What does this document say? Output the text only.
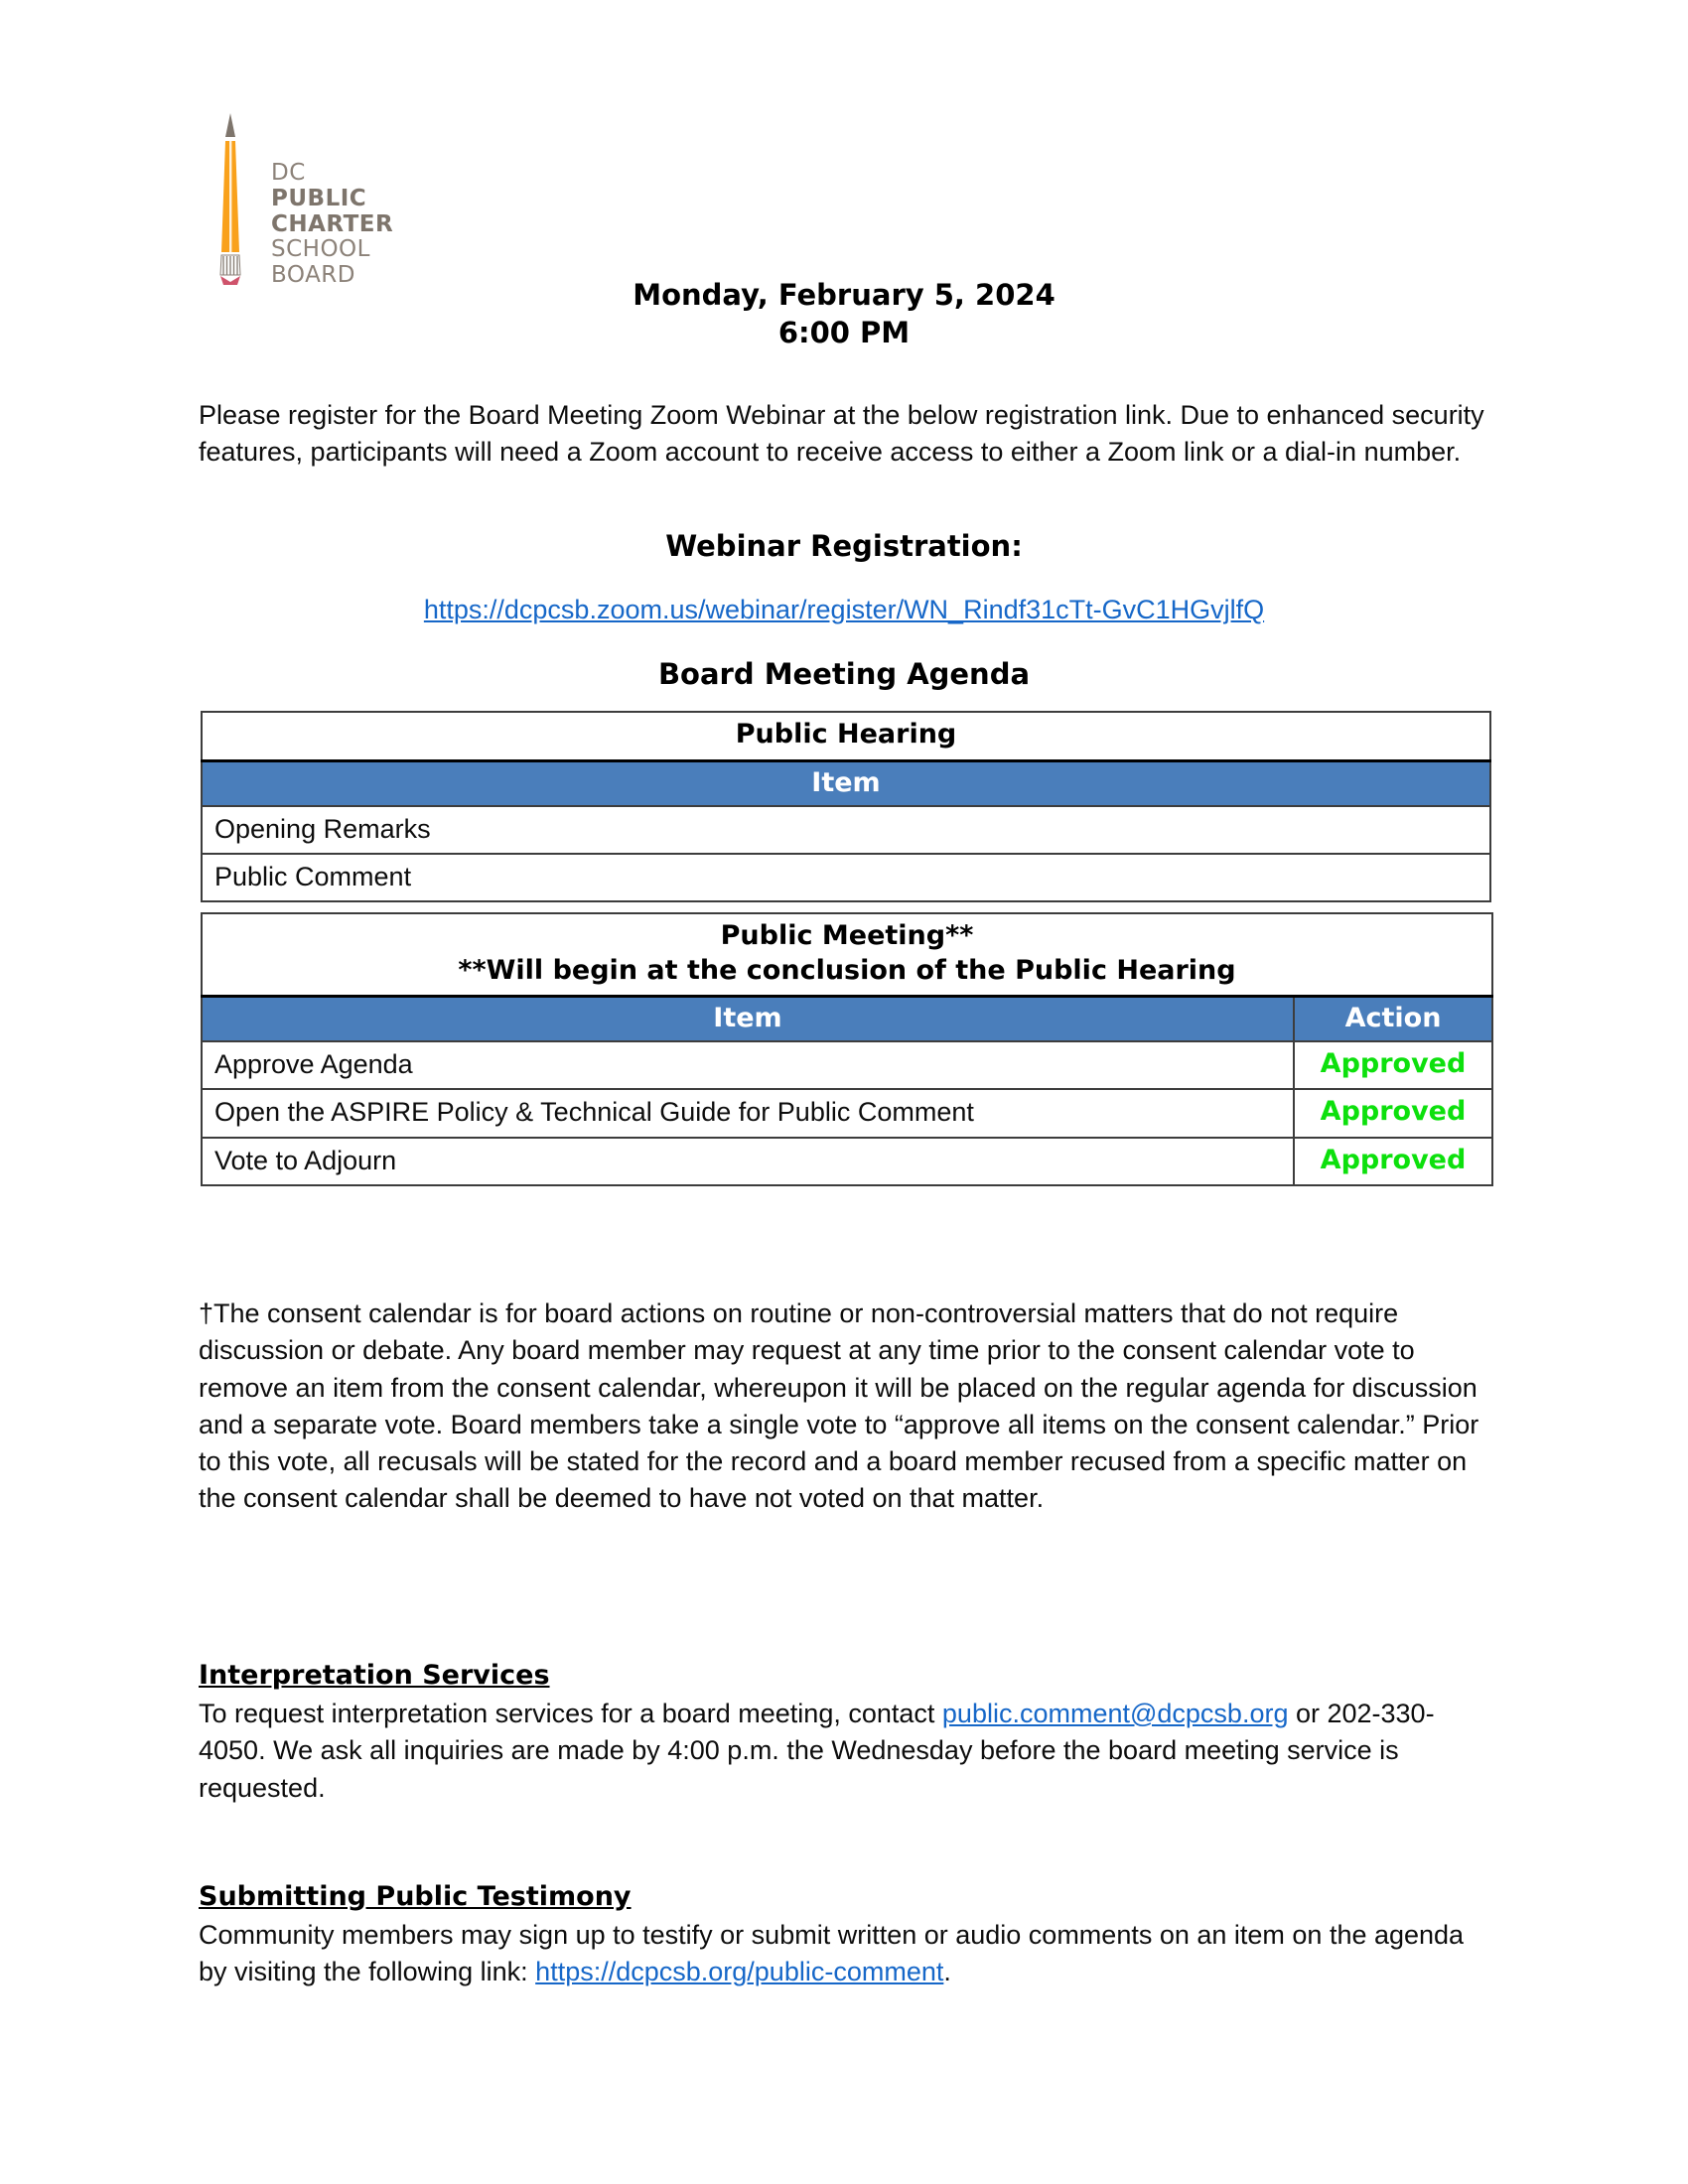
DC
PUBLIC
CHARTER
SCHOOL
BOARD
Monday, February 5, 2024
6:00 PM
Please register for the Board Meeting Zoom Webinar at the below registration link. Due to enhanced security features, participants will need a Zoom account to receive access to either a Zoom link or a dial-in number.
Webinar Registration:
https://dcpcsb.zoom.us/webinar/register/WN_Rindf31cTt-GvC1HGvjlfQ
Board Meeting Agenda
Public Hearing
Item
Opening Remarks
Public Comment
Public Meeting**
**Will begin at the conclusion of the Public Hearing	

Item	Action
Approve Agenda	Approved
Open the ASPIRE Policy & Technical Guide for Public Comment	Approved
Vote to Adjourn	Approved
†The consent calendar is for board actions on routine or non-controversial matters that do not require discussion or debate. Any board member may request at any time prior to the consent calendar vote to remove an item from the consent calendar, whereupon it will be placed on the regular agenda for discussion and a separate vote. Board members take a single vote to “approve all items on the consent calendar.” Prior to this vote, all recusals will be stated for the record and a board member recused from a specific matter on the consent calendar shall be deemed to have not voted on that matter.
Interpretation Services
To request interpretation services for a board meeting, contact public.comment@dcpcsb.org or 202-330-4050. We ask all inquiries are made by 4:00 p.m. the Wednesday before the board meeting service is requested.
Submitting Public Testimony
Community members may sign up to testify or submit written or audio comments on an item on the agenda by visiting the following link: https://dcpcsb.org/public-comment.
